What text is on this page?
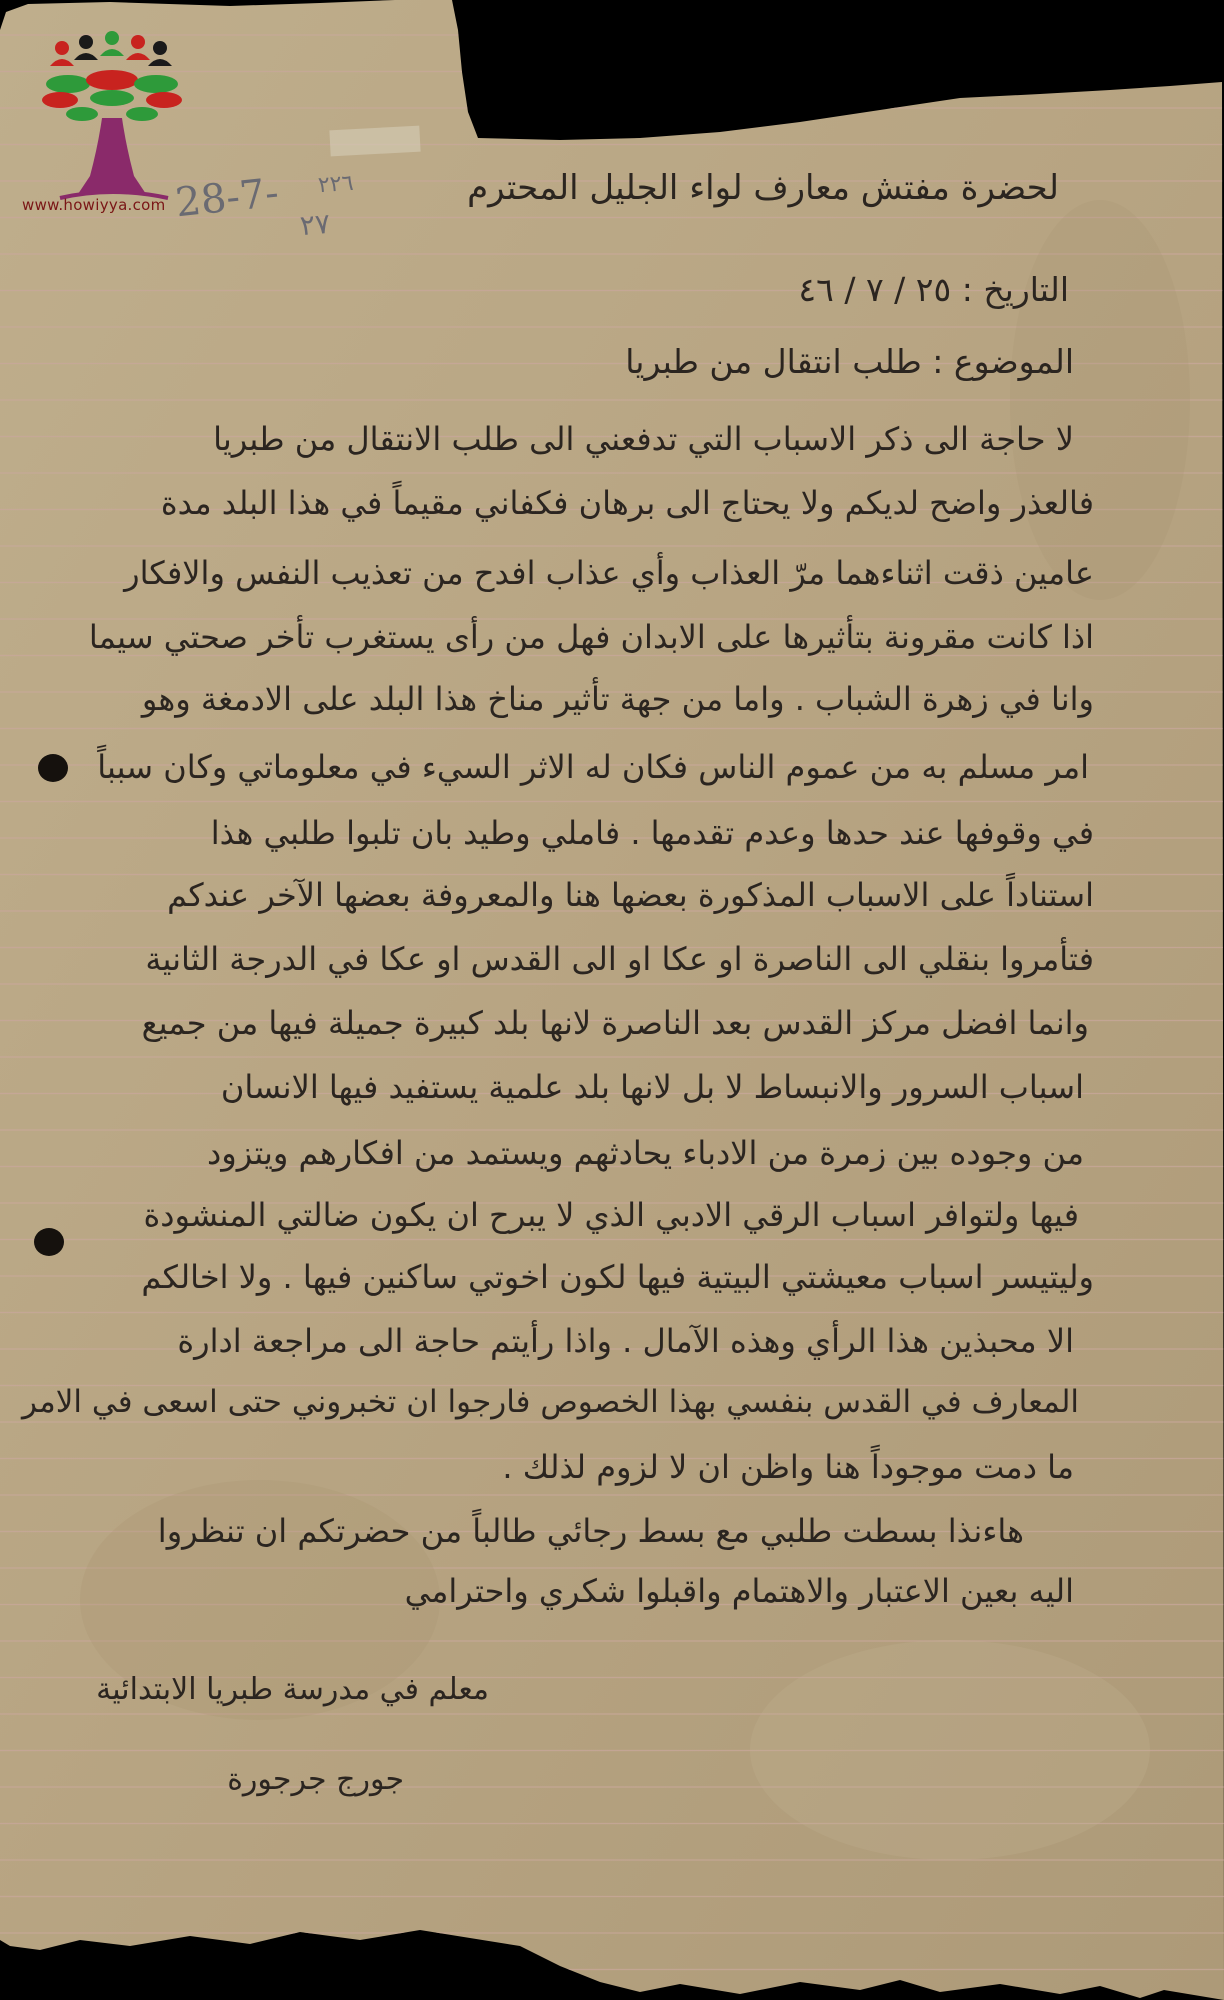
www.howiyya.com 28-7-	٢٢٦
٢٧
لحضرة مفتش معارف لواء الجليل المحترم
التاريخ : ٢٥ / ٧ / ٤٦
الموضوع : طلب انتقال من طبريا
لا حاجة الى ذكر الاسباب التي تدفعني الى طلب الانتقال من طبريا
فالعذر واضح لديكم ولا يحتاج الى برهان فكفاني مقيماً في هذا البلد مدة
عامين ذقت اثناءهما مرّ العذاب وأي عذاب افدح من تعذيب النفس والافكار
اذا كانت مقرونة بتأثيرها على الابدان فهل من رأى يستغرب تأخر صحتي سيما
وانا في زهرة الشباب . واما من جهة تأثير مناخ هذا البلد على الادمغة وهو
امر مسلم به من عموم الناس فكان له الاثر السيء في معلوماتي وكان سبباً
في وقوفها عند حدها وعدم تقدمها . فاملي وطيد بان تلبوا طلبي هذا
استناداً على الاسباب المذكورة بعضها هنا والمعروفة بعضها الآخر عندكم
فتأمروا بنقلي الى الناصرة او عكا او الى القدس او عكا في الدرجة الثانية
وانما افضل مركز القدس بعد الناصرة لانها بلد كبيرة جميلة فيها من جميع
اسباب السرور والانبساط لا بل لانها بلد علمية يستفيد فيها الانسان
من وجوده بين زمرة من الادباء يحادثهم ويستمد من افكارهم ويتزود
فيها ولتوافر اسباب الرقي الادبي الذي لا يبرح ان يكون ضالتي المنشودة
وليتيسر اسباب معيشتي البيتية فيها لكون اخوتي ساكنين فيها . ولا اخالكم
الا محبذين هذا الرأي وهذه الآمال . واذا رأيتم حاجة الى مراجعة ادارة
المعارف في القدس بنفسي بهذا الخصوص فارجوا ان تخبروني حتى اسعى في الامر
ما دمت موجوداً هنا واظن ان لا لزوم لذلك .
هاءنذا بسطت طلبي مع بسط رجائي طالباً من حضرتكم ان تنظروا
اليه بعين الاعتبار والاهتمام واقبلوا شكري واحترامي
معلم في مدرسة طبريا الابتدائية
جورج جرجورة
